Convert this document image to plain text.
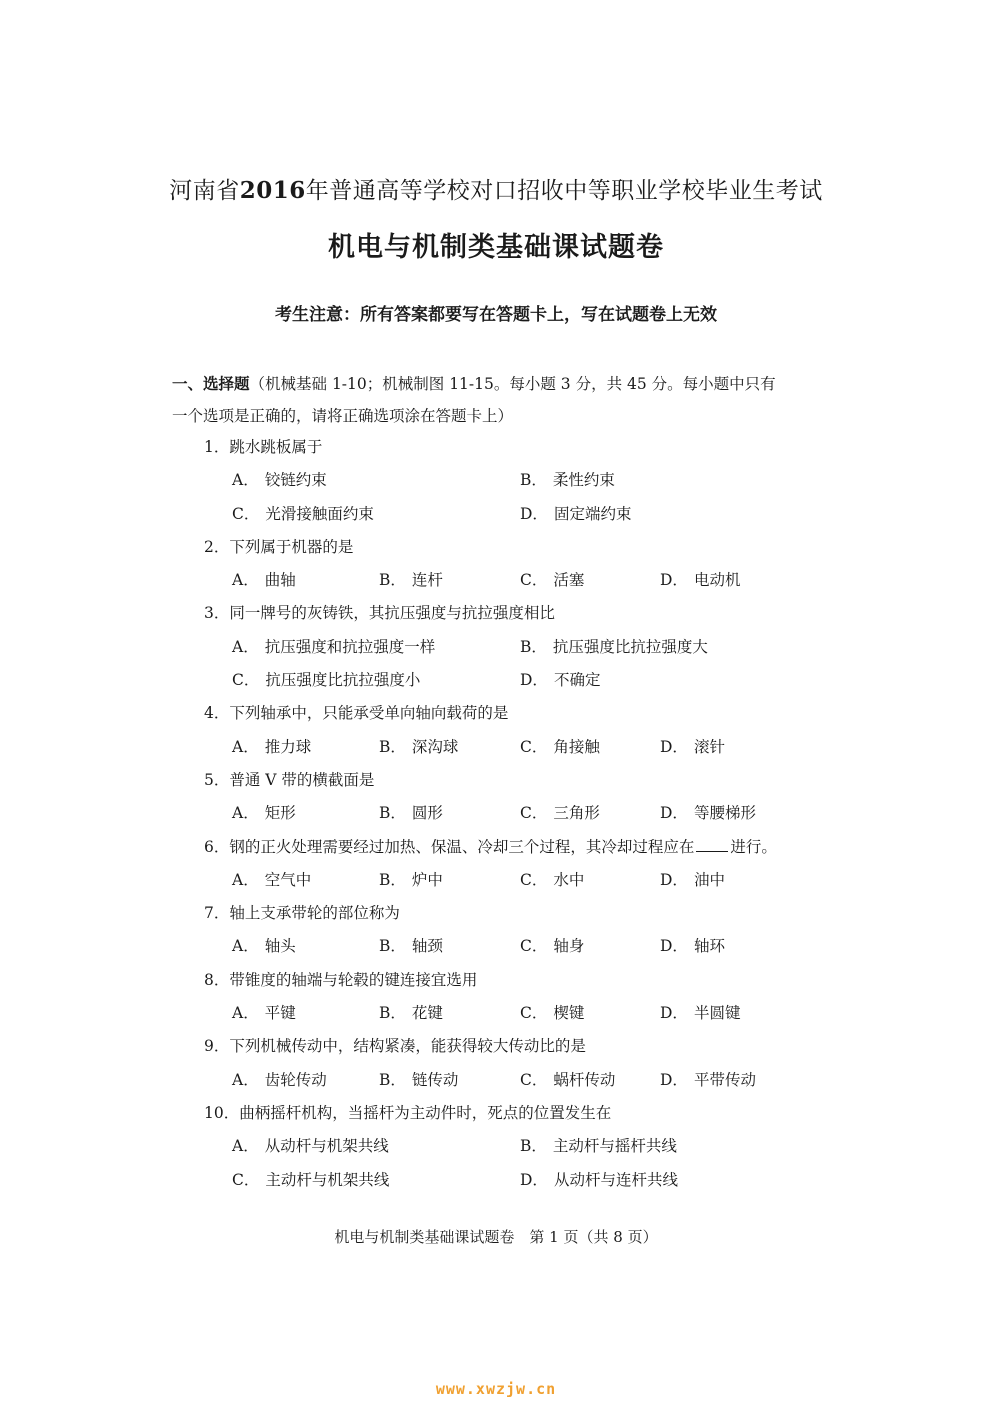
河南省2016年普通高等学校对口招收中等职业学校毕业生考试
机电与机制类基础课试题卷
考生注意：所有答案都要写在答题卡上，写在试题卷上无效
一、选择题（机械基础 1-10；机械制图 11-15。每小题 3 分，共 45 分。每小题中只有
一个选项是正确的，请将正确选项涂在答题卡上）
1．跳水跳板属于
A． 铰链约束	B． 柔性约束
C． 光滑接触面约束	D． 固定端约束
2．下列属于机器的是
A． 曲轴	B． 连杆	C． 活塞	D． 电动机
3．同一牌号的灰铸铁，其抗压强度与抗拉强度相比
A． 抗压强度和抗拉强度一样	B． 抗压强度比抗拉强度大
C． 抗压强度比抗拉强度小	D． 不确定
4．下列轴承中，只能承受单向轴向载荷的是
A． 推力球	B． 深沟球	C． 角接触	D． 滚针
5．普通 V 带的横截面是
A． 矩形	B． 圆形	C． 三角形	D． 等腰梯形
6．钢的正火处理需要经过加热、保温、冷却三个过程，其冷却过程应在 进行。
A． 空气中	B． 炉中	C． 水中	D． 油中
7．轴上支承带轮的部位称为
A． 轴头	B． 轴颈	C． 轴身	D． 轴环
8．带锥度的轴端与轮毂的键连接宜选用
A． 平键	B． 花键	C． 楔键	D． 半圆键
9．下列机械传动中，结构紧凑，能获得较大传动比的是
A． 齿轮传动	B． 链传动	C． 蜗杆传动	D． 平带传动
10．曲柄摇杆机构，当摇杆为主动件时，死点的位置发生在
A． 从动杆与机架共线	B． 主动杆与摇杆共线
C． 主动杆与机架共线	D． 从动杆与连杆共线
机电与机制类基础课试题卷　第 1 页（共 8 页）
www.xwzjw.cn
